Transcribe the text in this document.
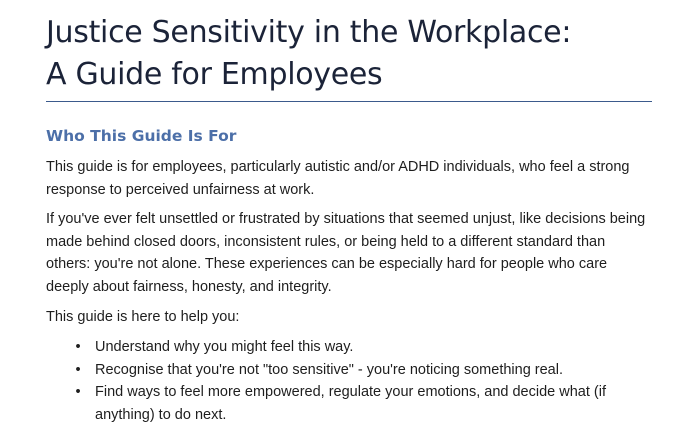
Justice Sensitivity in the Workplace:
A Guide for Employees
Who This Guide Is For

This guide is for employees, particularly autistic and/or ADHD individuals, who feel a strong response to perceived unfairness at work.

If you've ever felt unsettled or frustrated by situations that seemed unjust, like decisions being made behind closed doors, inconsistent rules, or being held to a different standard than others: you're not alone. These experiences can be especially hard for people who care deeply about fairness, honesty, and integrity.

This guide is here to help you:

• Understand why you might feel this way.
• Recognise that you're not "too sensitive" - you're noticing something real.
• Find ways to feel more empowered, regulate your emotions, and decide what (if anything) to do next.
